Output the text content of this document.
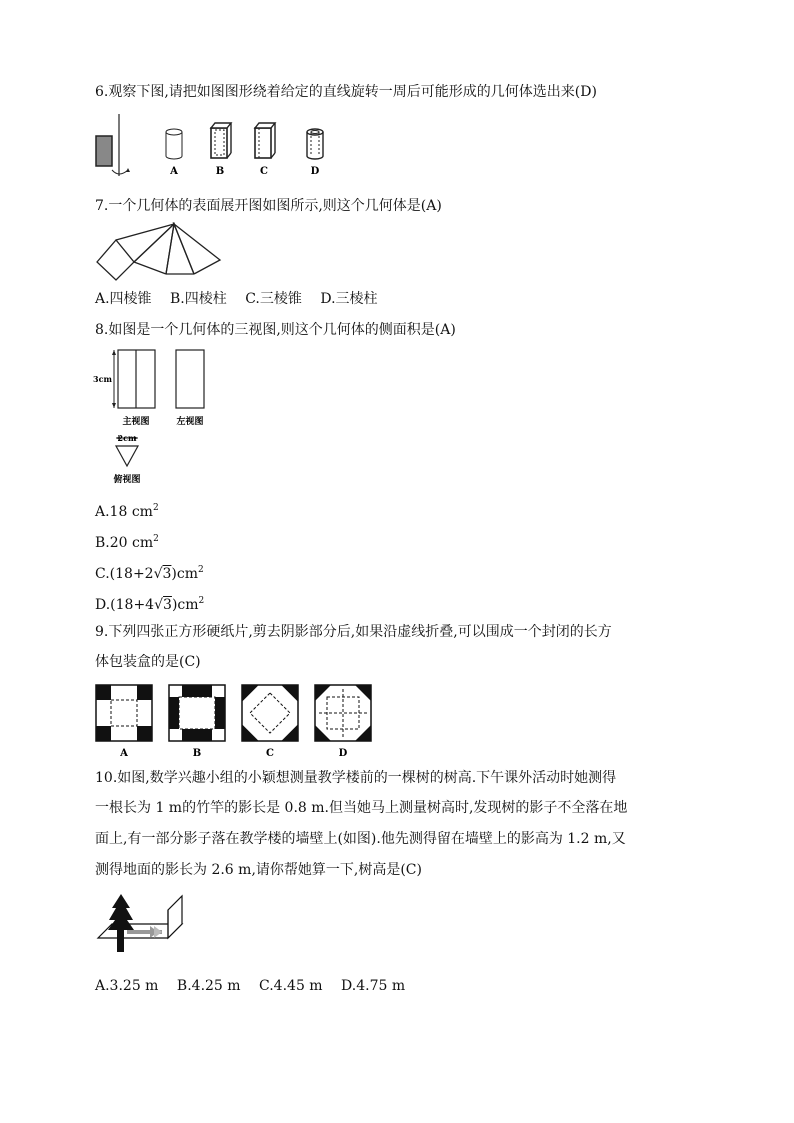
6.观察下图,请把如图图形绕着给定的直线旋转一周后可能形成的几何体选出来(D)
A	B	C	D
7.一个几何体的表面展开图如图所示,则这个几何体是(A)
A.四棱锥 B.四棱柱 C.三棱锥 D.三棱柱
8.如图是一个几何体的三视图,则这个几何体的侧面积是(A)
3cm
主视图	左视图
2cm
俯视图
A.18 $cm^2$
B.20 $cm^2$
$C.(18+2√3)cm^2$
$D.(18+4√3)cm^2$
9.下列四张正方形硬纸片,剪去阴影部分后,如果沿虚线折叠,可以围成一个封闭的长方
体包装盒的是(C)
A	B	C	D
10.如图,数学兴趣小组的小颖想测量教学楼前的一棵树的树高.下午课外活动时她测得
一根长为 1 m的竹竿的影长是 0.8 m.但当她马上测量树高时,发现树的影子不全落在地
面上,有一部分影子落在教学楼的墙壁上(如图).他先测得留在墙壁上的影高为 1.2 m,又
测得地面的影长为 2.6 m,请你帮她算一下,树高是(C)
A.3.25 m B.4.25 m C.4.45 m D.4.75 m
